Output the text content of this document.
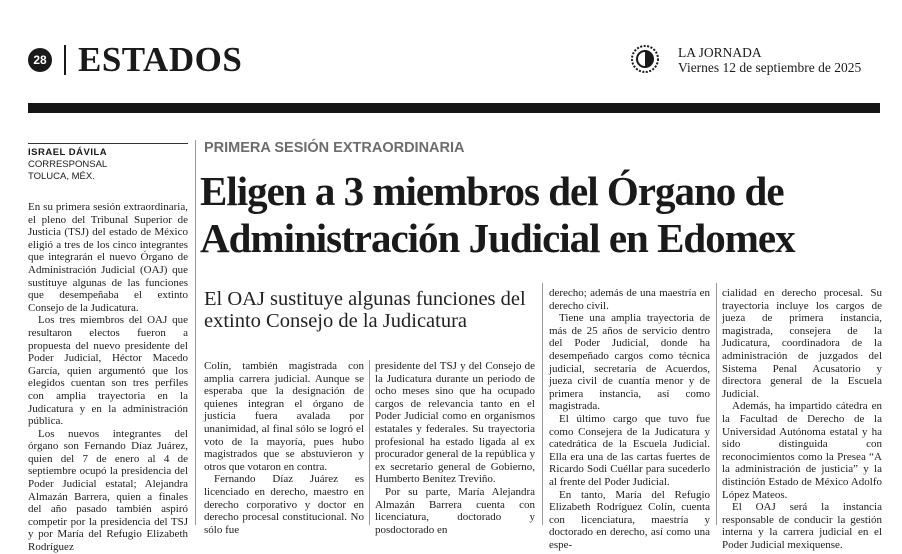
28 ESTADOS	LA JORNADA
Viernes 12 de septiembre de 2025
ISRAEL DÁVILA
CORRESPONSAL
TOLUCA, MÉX.
PRIMERA SESIÓN EXTRAORDINARIA
Eligen a 3 miembros del Órgano de Administración Judicial en Edomex
El OAJ sustituye algunas funciones del extinto Consejo de la Judicatura

En su primera sesión extraordinaria, el pleno del Tribunal Superior de Justicia (TSJ) del estado de México eligió a tres de los cinco integrantes que integrarán el nuevo Órgano de Administración Judicial (OAJ) que sustituye algunas de las funciones que desempeñaba el extinto Consejo de la Judicatura.

Los tres miembros del OAJ que resultaron electos fueron a propuesta del nuevo presidente del Poder Judicial, Héctor Macedo García, quien argumentó que los elegidos cuentan son tres perfiles con amplia trayectoria en la Judicatura y en la administración pública.

Los nuevos integrantes del órgano son Fernando Díaz Juárez, quien del 7 de enero al 4 de septiembre ocupó la presidencia del Poder Judicial estatal; Alejandra Almazán Barrera, quien a finales del año pasado también aspiró competir por la presidencia del TSJ y por María del Refugio Elizabeth Rodríguez

Colín, también magistrada con amplia carrera judicial. Aunque se esperaba que la designación de quienes integran el órgano de justicia fuera avalada por unanimidad, al final sólo se logró el voto de la mayoría, pues hubo magistrados que se abstuvieron y otros que votaron en contra.

Fernando Díaz Juárez es licenciado en derecho, maestro en derecho corporativo y doctor en derecho procesal constitucional. No sólo fue

presidente del TSJ y del Consejo de la Judicatura durante un periodo de ocho meses sino que ha ocupado cargos de relevancia tanto en el Poder Judicial como en organismos estatales y federales. Su trayectoria profesional ha estado ligada al ex procurador general de la república y ex secretario general de Gobierno, Humberto Benítez Treviño.

Por su parte, María Alejandra Almazán Barrera cuenta con licenciatura, doctorado y posdoctorado en

derecho; además de una maestría en derecho civil.

Tiene una amplia trayectoria de más de 25 años de servicio dentro del Poder Judicial, donde ha desempeñado cargos como técnica judicial, secretaria de Acuerdos, jueza civil de cuantía menor y de primera instancia, así como magistrada.

El último cargo que tuvo fue como Consejera de la Judicatura y catedrática de la Escuela Judicial. Ella era una de las cartas fuertes de Ricardo Sodi Cuéllar para sucederlo al frente del Poder Judicial.

En tanto, María del Refugio Elizabeth Rodríguez Colín, cuenta con licenciatura, maestría y doctorado en derecho, así como una espe-

cialidad en derecho procesal. Su trayectoria incluye los cargos de jueza de primera instancia, magistrada, consejera de la Judicatura, coordinadora de la administración de juzgados del Sistema Penal Acusatorio y directora general de la Escuela Judicial.

Además, ha impartido cátedra en la Facultad de Derecho de la Universidad Autónoma estatal y ha sido distinguida con reconocimientos como la Presea “A la administración de justicia” y la distinción Estado de México Adolfo López Mateos.

El OAJ será la instancia responsable de conducir la gestión interna y la carrera judicial en el Poder Judicial mexiquense.
